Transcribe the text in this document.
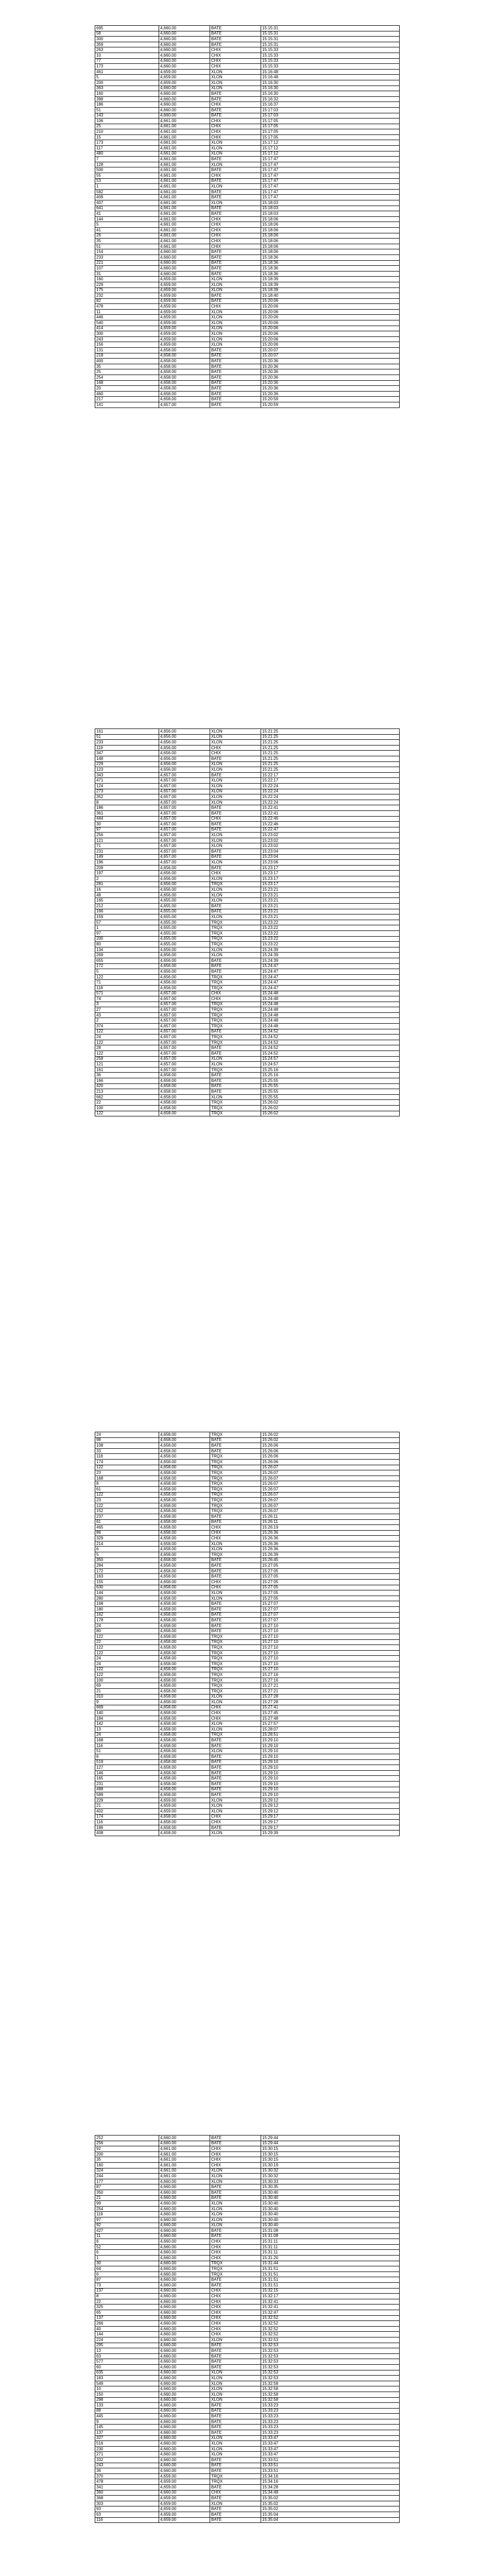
695	4,660.00	BATE	15:15:31
58	4,660.00	BATE	15:15:31
300	4,660.00	BATE	15:15:31
359	4,660.00	BATE	15:15:31
263	4,660.00	CHIX	15:15:33
10	4,660.00	CHIX	15:15:33
77	4,660.00	CHIX	15:15:33
173	4,660.00	CHIX	15:15:33
461	4,659.00	XLON	15:16:48
5	4,659.00	XLON	15:16:48
200	4,659.00	XLON	15:16:30
363	4,660.00	XLON	15:16:30
160	4,660.00	BATE	15:16:30
398	4,660.00	BATE	15:16:32
186	4,660.00	CHIX	15:16:37
51	4,660.00	BATE	15:17:03
143	4,660.00	BATE	15:17:03
106	4,661.00	CHIX	15:17:05
25	4,661.00	CHIX	15:17:05
210	4,661.00	CHIX	15:17:05
15	4,661.00	CHIX	15:17:05
173	4,661.00	XLON	15:17:12
117	4,661.00	XLON	15:17:12
480	4,661.00	XLON	15:17:12
7	4,661.00	BATE	15:17:47
128	4,661.00	XLON	15:17:47
500	4,661.00	BATE	15:17:47
55	4,661.00	CHIX	15:17:47
53	4,661.00	BATE	15:17:47
1	4,661.00	XLON	15:17:47
582	4,661.00	BATE	15:17:47
409	4,661.00	BATE	15:17:47
407	4,661.00	XLON	15:18:03
641	4,661.00	BATE	15:18:03
41	4,661.00	BATE	15:18:03
144	4,661.00	CHIX	15:18:06
5	4,661.00	CHIX	15:18:06
41	4,661.00	CHIX	15:18:06
26	4,661.00	CHIX	15:18:06
35	4,661.00	CHIX	15:18:06
51	4,661.00	CHIX	15:18:06
154	4,660.00	BATE	15:18:06
233	4,660.00	BATE	15:18:36
221	4,660.00	BATE	15:18:36
107	4,660.00	BATE	15:18:36
31	4,660.00	BATE	15:18:36
160	4,659.00	XLON	15:18:39
229	4,659.00	XLON	15:18:39
175	4,659.00	XLON	15:18:39
232	4,659.00	BATE	15:18:40
82	4,659.00	BATE	15:20:06
478	4,659.00	CHIX	15:20:06
11	4,659.00	XLON	15:20:06
446	4,659.00	XLON	15:20:06
540	4,659.00	XLON	15:20:06
414	4,659.00	XLON	15:20:06
300	4,659.00	XLON	15:20:06
243	4,659.00	XLON	15:20:06
156	4,659.00	XLON	15:20:06
131	4,658.00	BATE	15:20:07
218	4,658.00	BATE	15:20:07
400	4,658.00	BATE	15:20:36
35	4,658.00	BATE	15:20:36
25	4,658.00	BATE	15:20:36
254	4,658.00	BATE	15:20:36
168	4,658.00	BATE	15:20:36
20	4,658.00	BATE	15:20:36
460	4,658.00	BATE	15:20:36
217	4,658.00	BATE	15:20:59
141	4,657.00	BATE	15:20:59
161	4,656.00	XLON	15:21:25
51	4,656.00	XLON	15:21:25
233	4,656.00	XLON	15:21:25
119	4,656.00	CHIX	15:21:25
347	4,656.00	CHIX	15:21:25
148	4,656.00	BATE	15:21:25
229	4,656.00	XLON	15:21:25
123	4,656.00	XLON	15:21:25
343	4,657.00	BATE	15:22:17
471	4,657.00	XLON	15:22:17
124	4,657.00	XLON	15:22:24
273	4,657.00	XLON	15:22:24
352	4,657.00	XLON	15:22:24
8	4,657.00	XLON	15:22:24
186	4,657.00	BATE	15:22:41
361	4,657.00	BATE	15:22:41
444	4,657.00	CHIX	15:22:46
30	4,657.00	BATE	15:22:46
97	4,657.00	BATE	15:22:47
256	4,657.00	XLON	15:23:02
121	4,657.00	XLON	15:23:02
71	4,657.00	XLON	15:23:02
231	4,657.00	BATE	15:23:04
149	4,657.00	BATE	15:23:04
196	4,657.00	XLON	15:23:06
209	4,656.00	BATE	15:23:17
197	4,656.00	CHIX	15:23:17
2	4,656.00	XLON	15:23:17
281	4,656.00	TRQX	15:23:17
16	4,656.00	XLON	15:23:21
48	4,656.00	XLON	15:23:21
165	4,655.00	XLON	15:23:21
212	4,655.00	BATE	15:23:21
166	4,655.00	BATE	15:23:21
159	4,655.00	XLON	15:23:21
57	4,655.00	TRQX	15:23:22
1	4,655.00	TRQX	15:23:22
97	4,655.00	TRQX	15:23:22
200	4,655.00	TRQX	15:23:22
80	4,655.00	TRQX	15:23:22
134	4,656.00	XLON	15:24:39
269	4,656.00	XLON	15:24:39
655	4,656.00	BATE	15:24:39
172	4,656.00	BATE	15:24:47
5	4,656.00	BATE	15:24:47
122	4,656.00	TRQX	15:24:47
71	4,656.00	TRQX	15:24:47
118	4,656.00	TRQX	15:24:47
571	4,657.00	CHIX	15:24:48
74	4,657.00	CHIX	15:24:48
3	4,657.00	TRQX	15:24:48
27	4,657.00	TRQX	15:24:48
43	4,657.00	TRQX	15:24:48
2	4,657.00	TRQX	15:24:48
374	4,657.00	TRQX	15:24:48
122	4,657.00	BATE	15:24:52
24	4,657.00	TRQX	15:24:52
122	4,657.00	TRQX	15:24:52
28	4,657.00	BATE	15:24:52
122	4,657.00	BATE	15:24:52
258	4,657.00	XLON	15:24:57
121	4,657.00	XLON	15:24:57
161	4,657.00	TRQX	15:25:16
36	4,658.00	BATE	15:25:16
166	4,658.00	BATE	15:25:55
420	4,658.00	BATE	15:25:55
213	4,658.00	BATE	15:25:55
662	4,658.00	XLON	15:25:55
22	4,658.00	TRQX	15:26:02
100	4,658.00	TRQX	15:26:02
122	4,658.00	TRQX	15:26:02
24	4,658.00	TRQX	15:26:02
98	4,658.00	BATE	15:26:02
108	4,658.00	BATE	15:26:06
33	4,658.00	BATE	15:26:06
118	4,658.00	TRQX	15:26:06
174	4,658.00	TRQX	15:26:06
122	4,658.00	TRQX	15:26:07
23	4,658.00	TRQX	15:26:07
168	4,658.00	TRQX	15:26:07
8	4,658.00	TRQX	15:26:07
61	4,658.00	TRQX	15:26:07
122	4,658.00	TRQX	15:26:07
23	4,658.00	TRQX	15:26:07
122	4,658.00	TRQX	15:26:07
152	4,658.00	TRQX	15:26:07
237	4,658.00	BATE	15:26:11
61	4,658.00	BATE	15:26:11
465	4,658.00	CHIX	15:26:19
86	4,658.00	CHIX	15:26:36
329	4,658.00	CHIX	15:26:36
214	4,658.00	XLON	15:26:36
6	4,658.00	XLON	15:26:36
5	4,658.00	TRQX	15:26:39
350	4,658.00	BATE	15:26:45
284	4,658.00	BATE	15:27:05
172	4,658.00	BATE	15:27:05
163	4,658.00	BATE	15:27:05
155	4,658.00	CHIX	15:27:05
630	4,658.00	CHIX	15:27:05
144	4,658.00	XLON	15:27:05
280	4,658.00	XLON	15:27:05
168	4,658.00	BATE	15:27:07
180	4,658.00	BATE	15:27:07
162	4,658.00	BATE	15:27:07
178	4,658.00	BATE	15:27:07
24	4,658.00	BATE	15:27:10
80	4,658.00	BATE	15:27:10
122	4,658.00	TRQX	15:27:10
22	4,658.00	TRQX	15:27:10
122	4,658.00	TRQX	15:27:10
122	4,658.00	TRQX	15:27:10
24	4,658.00	TRQX	15:27:10
24	4,658.00	TRQX	15:27:10
122	4,658.00	TRQX	15:27:10
122	4,658.00	TRQX	15:27:16
100	4,658.00	TRQX	15:27:16
69	4,658.00	TRQX	15:27:21
21	4,658.00	TRQX	15:27:21
310	4,658.00	XLON	15:27:28
9	4,658.00	XLON	15:27:28
669	4,658.00	CHIX	15:27:41
140	4,658.00	CHIX	15:27:45
184	4,658.00	CHIX	15:27:48
142	4,658.00	XLON	15:27:57
13	4,658.00	XLON	15:28:07
24	4,658.00	TRQX	15:28:51
168	4,658.00	BATE	15:29:10
116	4,658.00	BATE	15:29:10
51	4,658.00	XLON	15:29:10
6	4,658.00	BATE	15:29:10
519	4,658.00	BATE	15:29:10
127	4,658.00	BATE	15:29:10
146	4,658.00	BATE	15:29:10
165	4,658.00	BATE	15:29:10
231	4,658.00	BATE	15:29:10
498	4,658.00	BATE	15:29:10
589	4,658.00	BATE	15:29:10
229	4,659.00	XLON	15:29:12
21	4,659.00	XLON	15:29:12
402	4,659.00	XLON	15:29:12
174	4,658.00	CHIX	15:29:17
116	4,658.00	CHIX	15:29:17
186	4,658.00	BATE	15:29:17
408	4,658.00	XLON	15:29:39
252	4,660.00	BATE	15:29:44
256	4,660.00	BATE	15:29:44
92	4,661.00	CHIX	15:30:15
200	4,661.00	CHIX	15:30:15
35	4,661.00	CHIX	15:30:15
160	4,661.00	CHIX	15:30:19
324	4,661.00	XLON	15:30:32
244	4,661.00	XLON	15:30:32
177	4,660.00	XLON	15:30:33
87	4,660.00	BATE	15:30:35
350	4,660.00	BATE	15:30:40
21	4,660.00	BATE	15:30:40
99	4,660.00	XLON	15:30:40
254	4,660.00	XLON	15:30:40
119	4,660.00	XLON	15:30:40
97	4,660.00	XLON	15:30:40
92	4,660.00	XLON	15:30:40
427	4,660.00	BATE	15:31:08
11	4,660.00	BATE	15:31:08
6	4,660.00	CHIX	15:31:11
52	4,660.00	CHIX	15:31:11
6	4,660.00	CHIX	15:31:11
1	4,660.00	CHIX	15:31:20
30	4,660.00	TRQX	15:31:44
64	4,660.00	TRQX	15:31:51
6	4,660.00	TRQX	15:31:51
87	4,660.00	BATE	15:31:51
73	4,660.00	BATE	15:31:51
137	4,660.00	CHIX	15:32:15
8	4,660.00	CHIX	15:32:17
22	4,660.00	CHIX	15:32:41
325	4,660.00	CHIX	15:32:41
65	4,660.00	CHIX	15:32:47
137	4,660.00	CHIX	15:32:52
266	4,660.00	CHIX	15:32:52
40	4,660.00	CHIX	15:32:52
144	4,660.00	CHIX	15:32:52
224	4,660.00	XLON	15:32:53
295	4,660.00	BATE	15:32:53
13	4,660.00	BATE	15:32:53
63	4,660.00	BATE	15:32:53
577	4,660.00	BATE	15:32:53
60	4,660.00	BATE	15:32:53
635	4,660.00	XLON	15:32:53
183	4,660.00	XLON	15:32:53
549	4,660.00	XLON	15:32:58
10	4,660.00	XLON	15:32:58
150	4,660.00	XLON	15:32:58
298	4,660.00	XLON	15:32:58
133	4,660.00	BATE	15:33:23
88	4,660.00	BATE	15:33:23
445	4,660.00	BATE	15:33:23
9	4,660.00	BATE	15:33:23
145	4,660.00	BATE	15:33:23
137	4,660.00	BATE	15:33:23
327	4,660.00	XLON	15:33:47
516	4,660.00	XLON	15:33:47
230	4,660.00	XLON	15:33:47
271	4,660.00	XLON	15:33:47
332	4,660.00	BATE	15:33:51
243	4,660.00	BATE	15:33:51
36	4,660.00	BATE	15:33:51
370	4,659.00	TRQX	15:34:16
478	4,659.00	TRQX	15:34:16
341	4,659.00	BATE	15:34:28
360	4,660.00	CHIX	15:34:48
368	4,659.00	BATE	15:35:02
303	4,659.00	XLON	15:35:02
93	4,659.00	BATE	15:35:02
63	4,659.00	BATE	15:35:04
116	4,659.00	BATE	15:35:04
